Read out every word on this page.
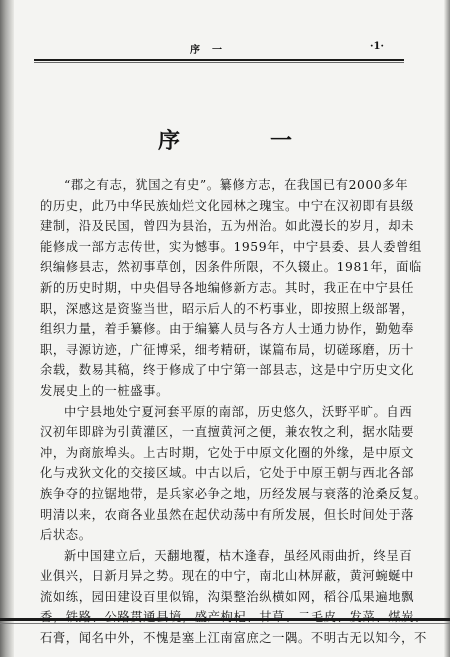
序　一	·1·
序　一
“郡之有志，犹国之有史”。纂修方志，在我国已有2000多年
的历史，此乃中华民族灿烂文化园林之瑰宝。中宁在汉初即有县级
建制，沿及民国，曾四为县治，五为州治。如此漫长的岁月，却未
能修成一部方志传世，实为憾事。1959年，中宁县委、县人委曾组
织编修县志，然初事草创，因条件所限，不久辍止。1981年，面临
新的历史时期，中央倡导各地编修新方志。其时，我正在中宁县任
职，深感这是资鉴当世，昭示后人的不朽事业，即按照上级部署，
组织力量，着手纂修。由于编纂人员与各方人士通力协作，勤勉奉
职，寻源访迹，广征博采，细考精研，谋篇布局，切磋琢磨，历十
余载，数易其稿，终于修成了中宁第一部县志，这是中宁历史文化
发展史上的一桩盛事。
中宁县地处宁夏河套平原的南部，历史悠久，沃野平旷。自西
汉初年即辟为引黄灌区，一直擅黄河之便，兼农牧之利，据水陆要
冲，为商旅埠头。上古时期，它处于中原文化圈的外缘，是中原文
化与戎狄文化的交接区域。中古以后，它处于中原王朝与西北各部
族争夺的拉锯地带，是兵家必争之地，历经发展与衰落的沧桑反复。
明清以来，农商各业虽然在起伏动荡中有所发展，但长时间处于落
后状态。
新中国建立后，天翻地覆，枯木逢春，虽经风雨曲折，终呈百
业俱兴，日新月异之势。现在的中宁，南北山林屏蔽，黄河蜿蜒中
流如练，园田建设百里似锦，沟渠整治纵横如网，稻谷瓜果遍地飘
石膏，闻名中外，不愧是塞上江南富庶之一隅。不明古无以知今，不
